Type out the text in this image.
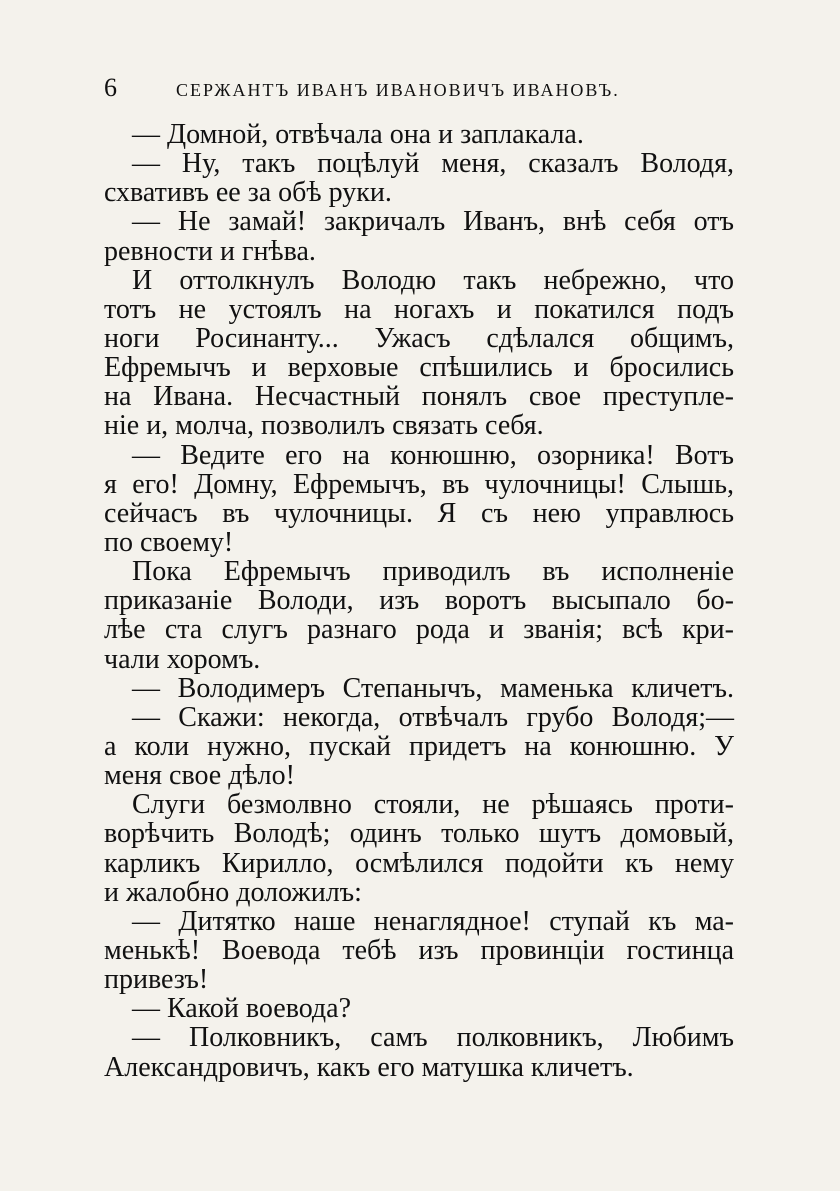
6	СЕРЖАНТЪ ИВАНЪ ИВАНОВИЧЪ ИВАНОВЪ.
— Домной, отвѣчала она и заплакала.
— Ну, такъ поцѣлуй меня, сказалъ Володя,
схвативъ ее за обѣ руки.
— Не замай! закричалъ Иванъ, внѣ себя отъ
ревности и гнѣва.
И оттолкнулъ Володю такъ небрежно, что
тотъ не устоялъ на ногахъ и покатился подъ
ноги Росинанту... Ужасъ сдѣлался общимъ,
Ефремычъ и верховые спѣшились и бросились
на Ивана. Несчастный понялъ свое преступле-
ніе и, молча, позволилъ связать себя.
— Ведите его на конюшню, озорника! Вотъ
я его! Домну, Ефремычъ, въ чулочницы! Слышь,
сейчасъ въ чулочницы. Я съ нею управлюсь
по своему!
Пока Ефремычъ приводилъ въ исполненіе
приказаніе Володи, изъ воротъ высыпало бо-
лѣе ста слугъ разнаго рода и званія; всѣ кри-
чали хоромъ.
— Володимеръ Степанычъ, маменька кличетъ.
— Скажи: некогда, отвѣчалъ грубо Володя;—
а коли нужно, пускай придетъ на конюшню. У
меня свое дѣло!
Слуги безмолвно стояли, не рѣшаясь проти-
ворѣчить Володѣ; одинъ только шутъ домовый,
карликъ Кирилло, осмѣлился подойти къ нему
и жалобно доложилъ:
— Дитятко наше ненаглядное! ступай къ ма-
менькѣ! Воевода тебѣ изъ провинціи гостинца
привезъ!
— Какой воевода?
— Полковникъ, самъ полковникъ, Любимъ
Александровичъ, какъ его матушка кличетъ.
